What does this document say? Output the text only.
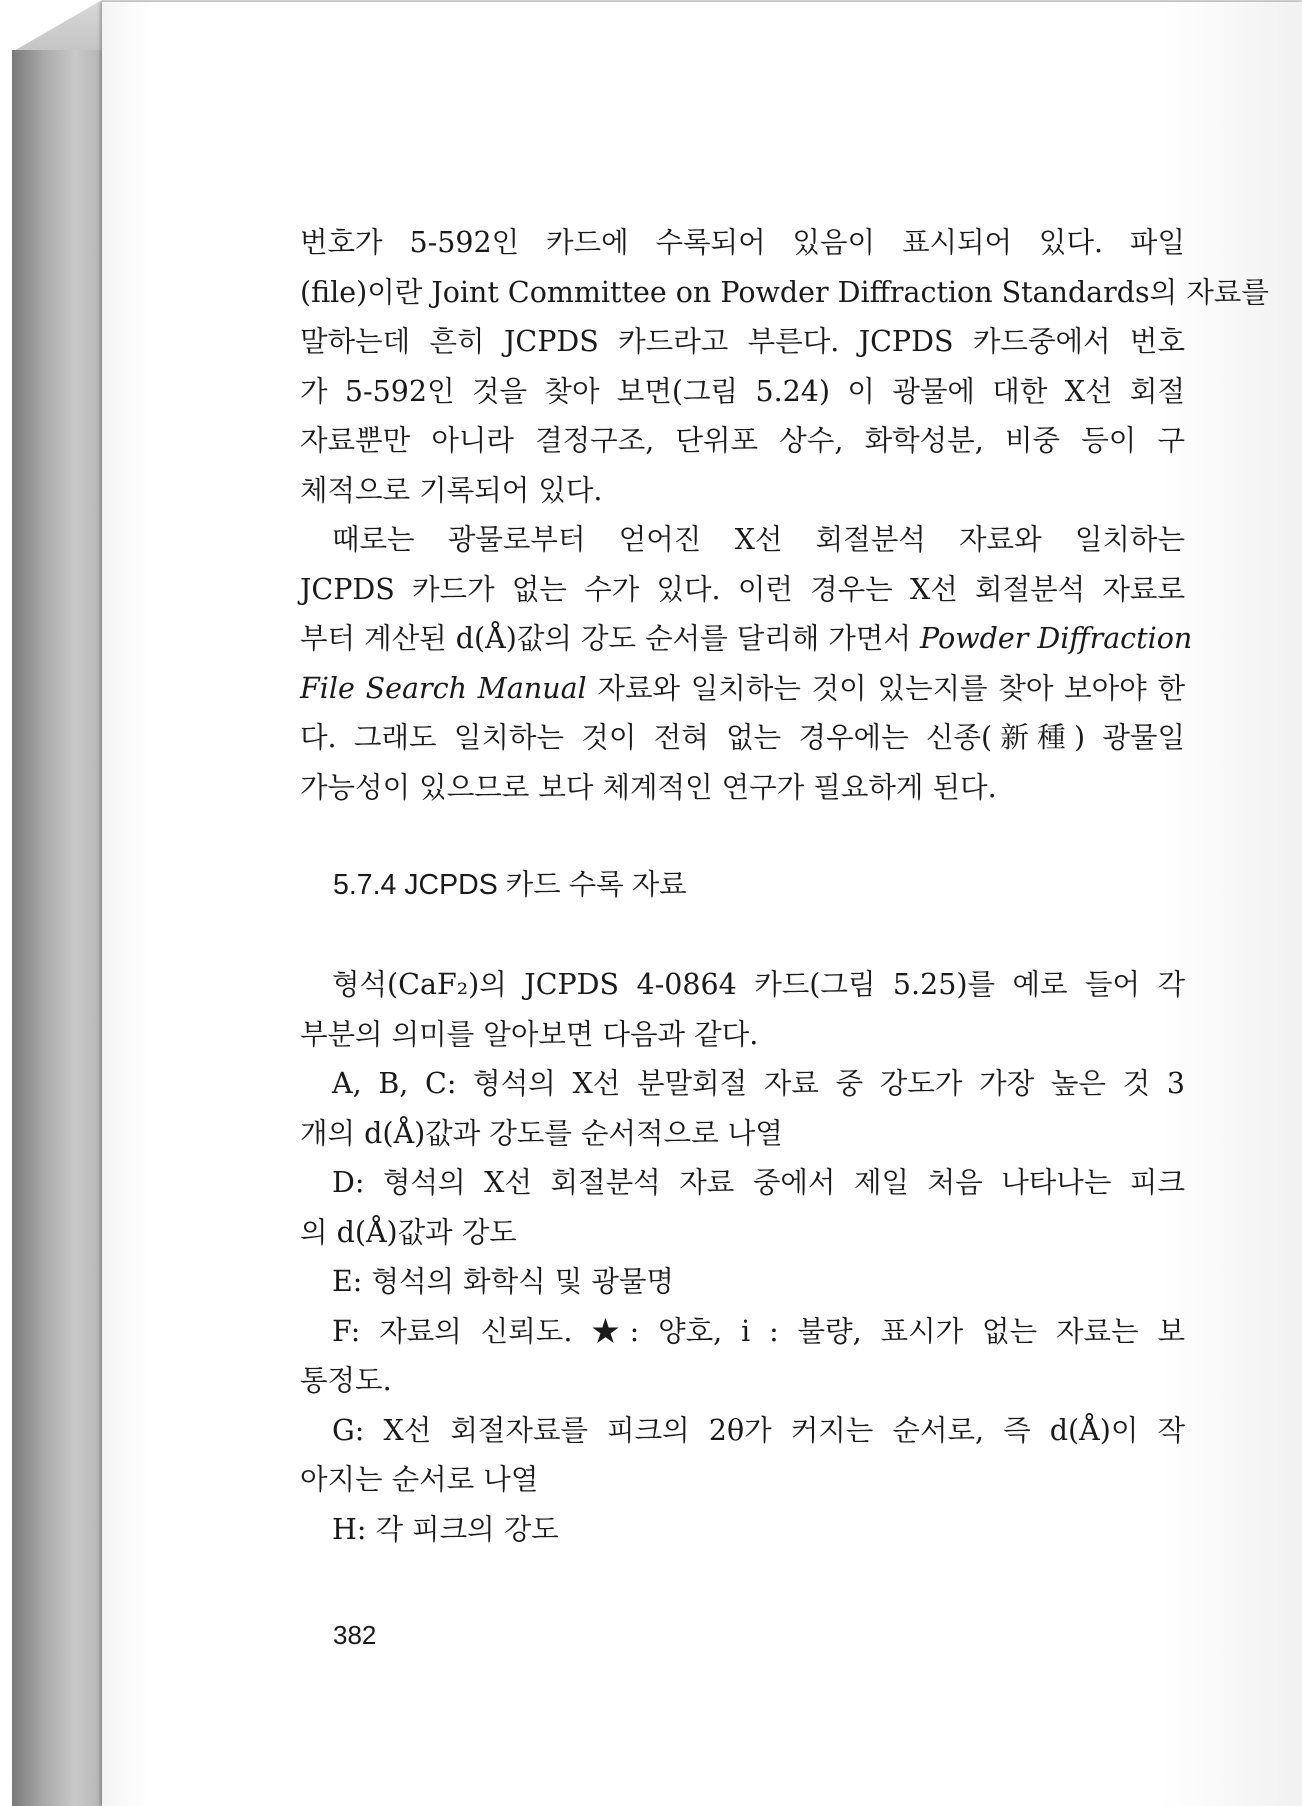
번호가 5-592인 카드에 수록되어 있음이 표시되어 있다. 파일
(file)이란 Joint Committee on Powder Diffraction Standards의 자료를
말하는데 흔히 JCPDS 카드라고 부른다. JCPDS 카드중에서 번호
가 5-592인 것을 찾아 보면(그림 5.24) 이 광물에 대한 X선 회절
자료뿐만 아니라 결정구조, 단위포 상수, 화학성분, 비중 등이 구
체적으로 기록되어 있다.
때로는 광물로부터 얻어진 X선 회절분석 자료와 일치하는
JCPDS 카드가 없는 수가 있다. 이런 경우는 X선 회절분석 자료로
부터 계산된 d(Å)값의 강도 순서를 달리해 가면서 Powder Diffraction
File Search Manual 자료와 일치하는 것이 있는지를 찾아 보아야 한
다. 그래도 일치하는 것이 전혀 없는 경우에는 신종(新種) 광물일
가능성이 있으므로 보다 체계적인 연구가 필요하게 된다.
5.7.4 JCPDS 카드 수록 자료
형석(CaF₂)의 JCPDS 4-0864 카드(그림 5.25)를 예로 들어 각
부분의 의미를 알아보면 다음과 같다.
A, B, C: 형석의 X선 분말회절 자료 중 강도가 가장 높은 것 3
개의 d(Å)값과 강도를 순서적으로 나열
D: 형석의 X선 회절분석 자료 중에서 제일 처음 나타나는 피크
의 d(Å)값과 강도
E: 형석의 화학식 및 광물명
F: 자료의 신뢰도. ★: 양호, i : 불량, 표시가 없는 자료는 보
통정도.
G: X선 회절자료를 피크의 2θ가 커지는 순서로, 즉 d(Å)이 작
아지는 순서로 나열
H: 각 피크의 강도
382
